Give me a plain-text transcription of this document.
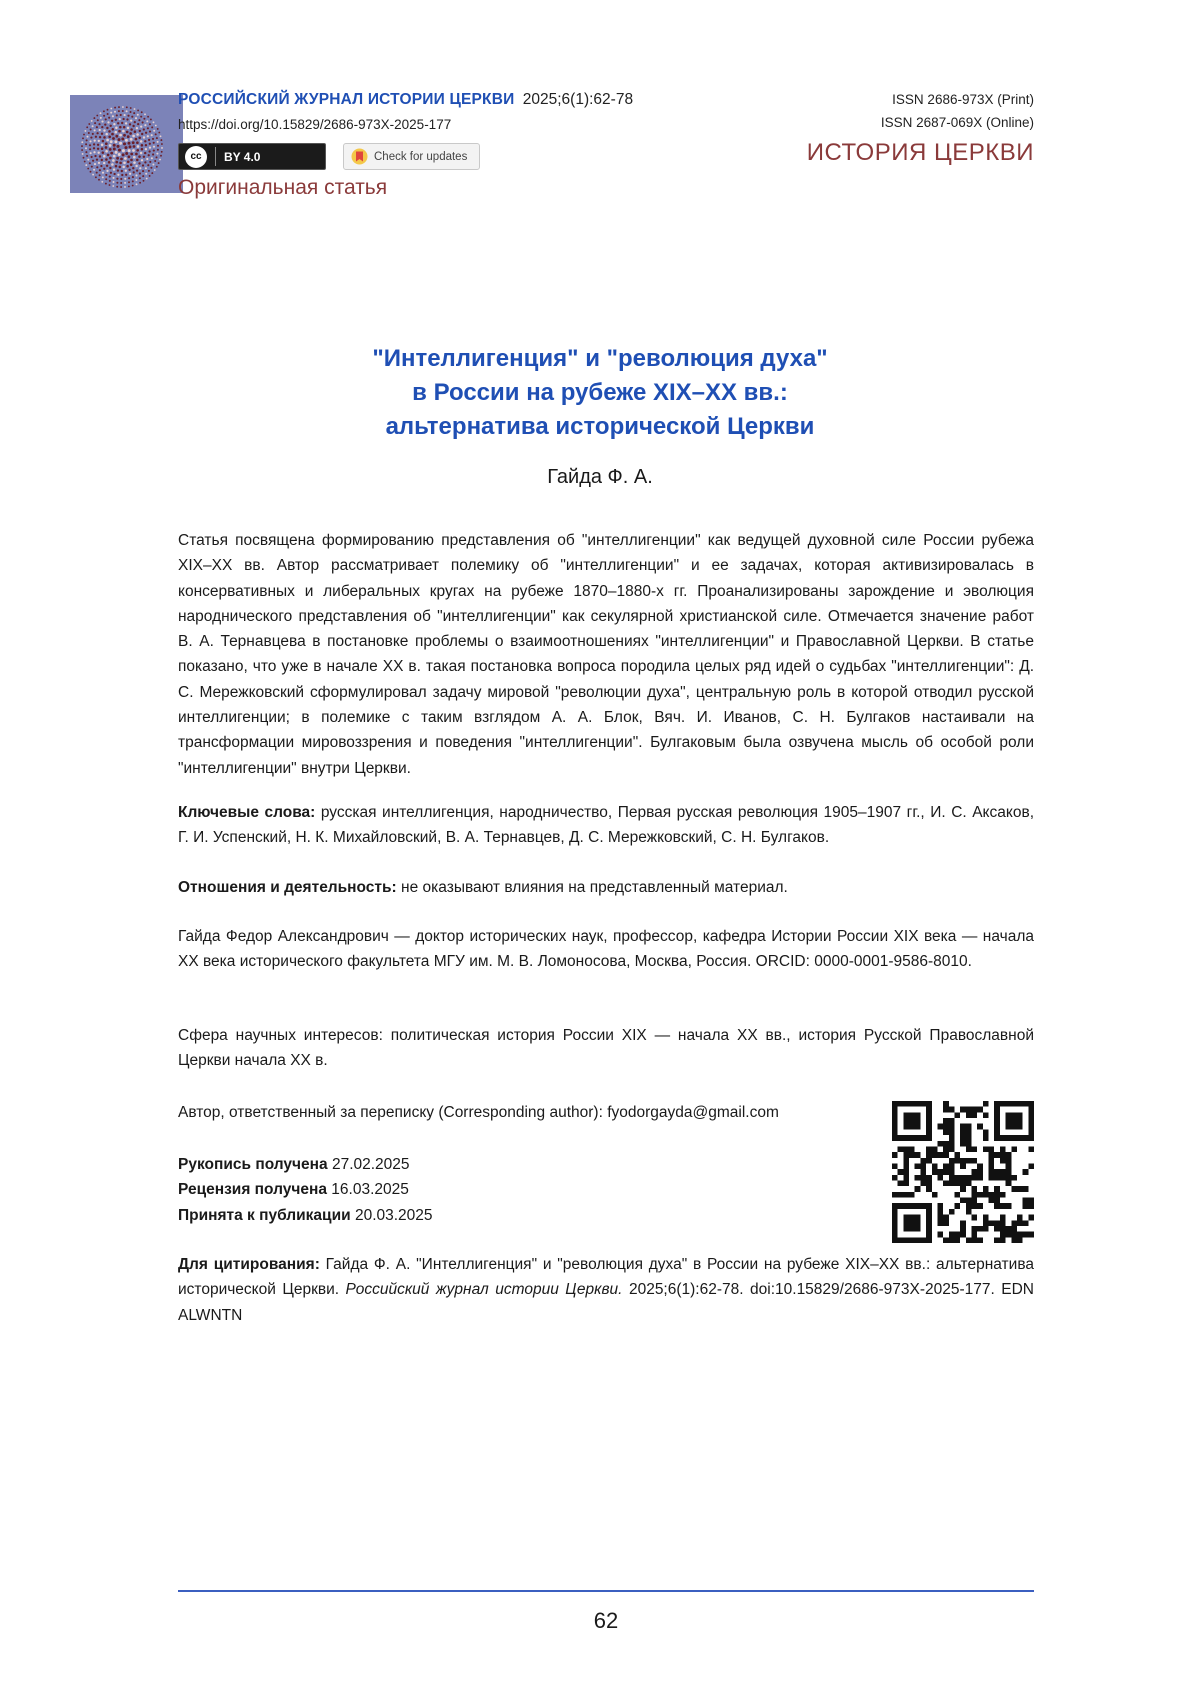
РОССИЙСКИЙ ЖУРНАЛ ИСТОРИИ ЦЕРКВИ 2025;6(1):62-78
https://doi.org/10.15829/2686-973X-2025-177
cc	BY 4.0	Check for updates
ISSN 2686-973X (Print)
ISSN 2687-069X (Online)
ИСТОРИЯ ЦЕРКВИ
Оригинальная статья
"Интеллигенция" и "революция духа"
в России на рубеже XIX–XX вв.:
альтернатива исторической Церкви
Гайда Ф. А.
Статья посвящена формированию представления об "интеллигенции" как ведущей духовной силе России рубежа XIX–XX вв. Автор рассматривает полемику об "интеллигенции" и ее задачах, которая активизировалась в консервативных и либеральных кругах на рубеже 1870–1880-х гг. Проанализированы зарождение и эволюция народнического представления об "интеллигенции" как секулярной христианской силе. Отмечается значение работ В. А. Тернавцева в постановке проблемы о взаимоотношениях "интеллигенции" и Православной Церкви. В статье показано, что уже в начале XX в. такая постановка вопроса породила целых ряд идей о судьбах "интеллигенции": Д. С. Мережковский сформулировал задачу мировой "революции духа", центральную роль в которой отводил русской интеллигенции; в полемике с таким взглядом А. А. Блок, Вяч. И. Иванов, С. Н. Булгаков настаивали на трансформации мировоззрения и поведения "интеллигенции". Булгаковым была озвучена мысль об особой роли "интеллигенции" внутри Церкви.
Ключевые слова: русская интеллигенция, народничество, Первая русская революция 1905–1907 гг., И. С. Аксаков, Г. И. Успенский, Н. К. Михайловский, В. А. Тернавцев, Д. С. Мережковский, С. Н. Булгаков.
Отношения и деятельность: не оказывают влияния на представленный материал.
Гайда Федор Александрович — доктор исторических наук, профессор, кафедра Истории России XIX века — начала XX века исторического факультета МГУ им. М. В. Ломоносова, Москва, Россия. ORCID: 0000-0001-9586-8010.
Сфера научных интересов: политическая история России XIX — начала XX вв., история Русской Православной Церкви начала XX в.
Автор, ответственный за переписку (Corresponding author): fyodorgayda@gmail.com
Рукопись получена 27.02.2025
Рецензия получена 16.03.2025
Принята к публикации 20.03.2025
Для цитирования: Гайда Ф. А. "Интеллигенция" и "революция духа" в России на рубеже XIX–XX вв.: альтернатива исторической Церкви. Российский журнал истории Церкви. 2025;6(1):62-78. doi:10.15829/2686-973X-2025-177. EDN ALWNTN
62
